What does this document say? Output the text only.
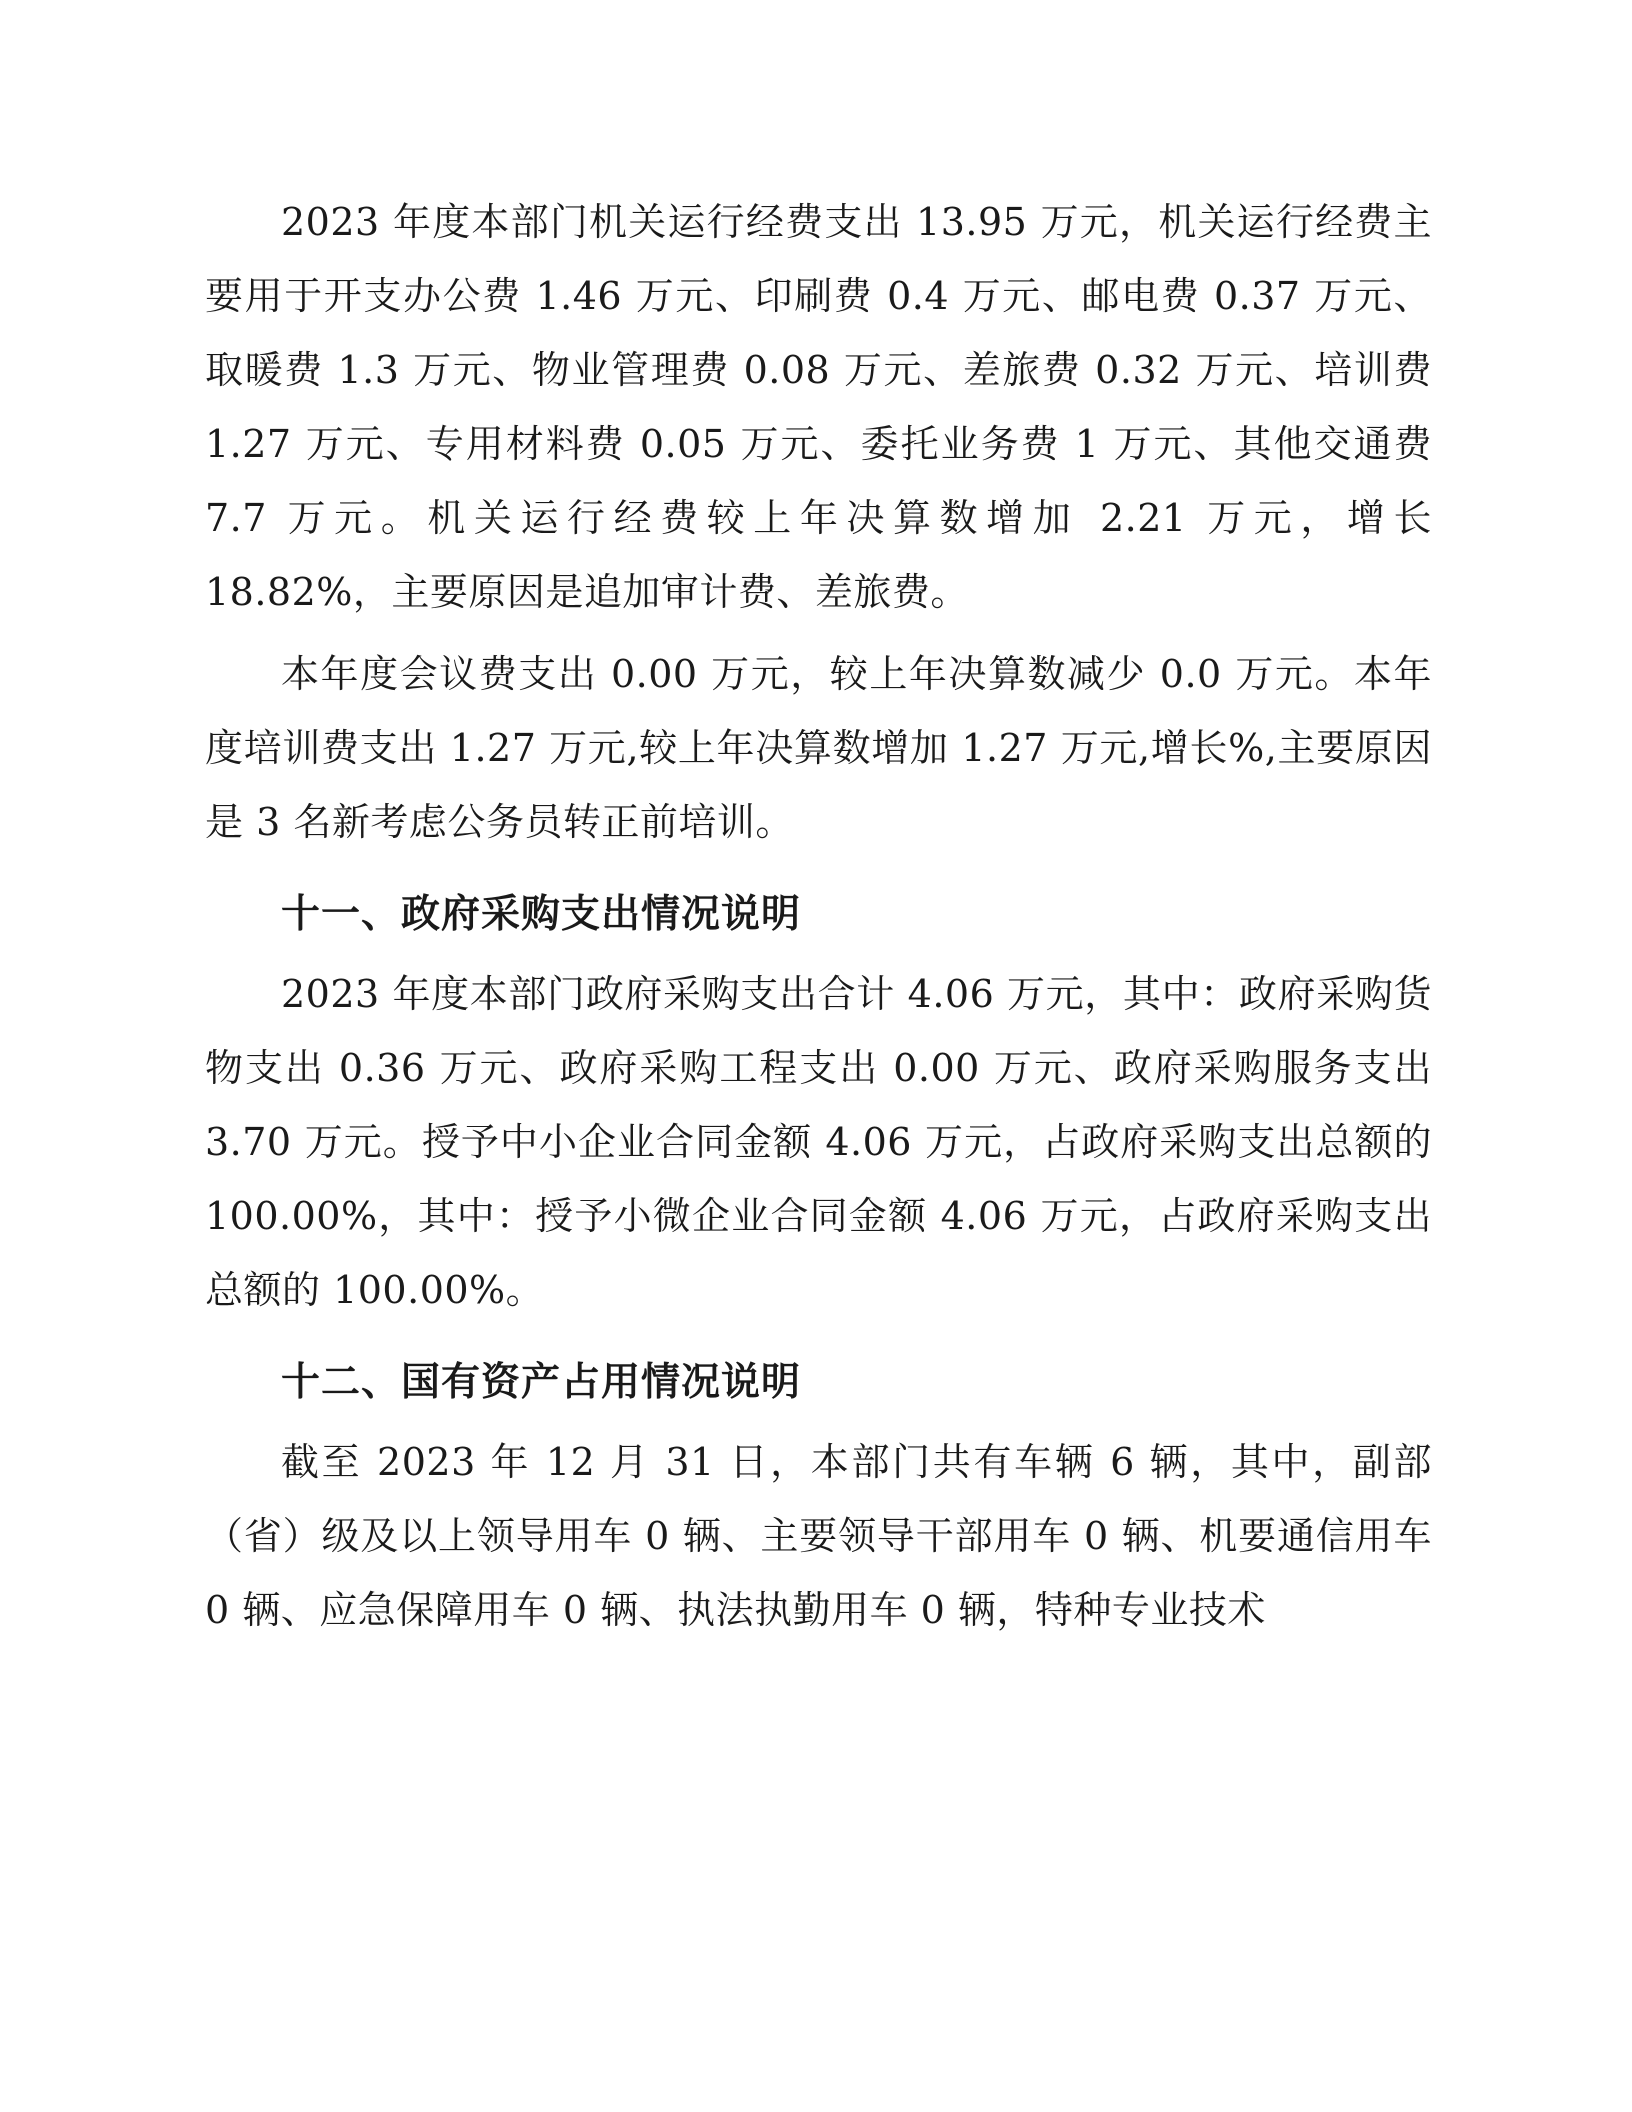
2023 年度本部门机关运行经费支出 13.95 万元，机关运行经费主要用于开支办公费 1.46 万元、印刷费 0.4 万元、邮电费 0.37 万元、取暖费 1.3 万元、物业管理费 0.08 万元、差旅费 0.32 万元、培训费 1.27 万元、专用材料费 0.05 万元、委托业务费 1 万元、其他交通费 7.7 万元。机关运行经费较上年决算数增加 2.21 万元，增长 18.82%，主要原因是追加审计费、差旅费。

本年度会议费支出 0.00 万元，较上年决算数减少 0.0 万元。本年度培训费支出 1.27 万元,较上年决算数增加 1.27 万元,增长%,主要原因是 3 名新考虑公务员转正前培训。

十一、政府采购支出情况说明

2023 年度本部门政府采购支出合计 4.06 万元，其中：政府采购货物支出 0.36 万元、政府采购工程支出 0.00 万元、政府采购服务支出 3.70 万元。授予中小企业合同金额 4.06 万元，占政府采购支出总额的 100.00%，其中：授予小微企业合同金额 4.06 万元，占政府采购支出总额的 100.00%。

十二、国有资产占用情况说明

截至 2023 年 12 月 31 日，本部门共有车辆 6 辆，其中，副部（省）级及以上领导用车 0 辆、主要领导干部用车 0 辆、机要通信用车 0 辆、应急保障用车 0 辆、执法执勤用车 0 辆，特种专业技术
